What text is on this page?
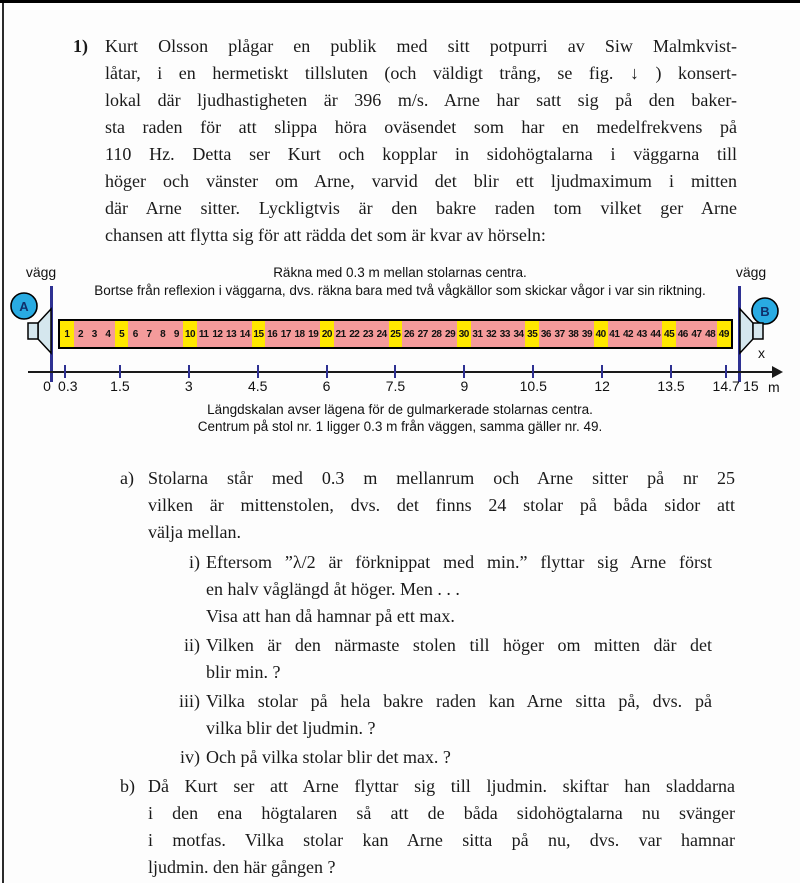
1) Kurt Olsson plågar en publik med sitt potpurri av Siw Malmkvist-
låtar, i en hermetiskt tillsluten (och väldigt trång, se fig. ↓ ) konsert-
lokal där ljudhastigheten är 396 m/s. Arne har satt sig på den baker-
sta raden för att slippa höra oväsendet som har en medelfrekvens på
110 Hz. Detta ser Kurt och kopplar in sidohögtalarna i väggarna till
höger och vänster om Arne, varvid det blir ett ljudmaximum i mitten
där Arne sitter. Lyckligtvis är den bakre raden tom vilket ger Arne
chansen att flytta sig för att rädda det som är kvar av hörseln:
vägg	vägg
Räkna med 0.3 m mellan stolarnas centra.
Bortse från reflexion i väggarna, dvs. räkna bara med två vågkällor som skickar vågor i var sin riktning.
A	B
1 2 3 4 5 6 7 8 9 10 11 12 13 14 15 16 17 18 19 20 21 22 23 24 25 26 27 28 29 30 31 32 33 34 35 36 37 38 39 40 41 42 43 44 45 46 47 48 49
0 0.3 1.5	3	4.5	6	7.5	9	10.5	12	13.5 14.7 15
x
m
Längdskalan avser lägena för de gulmarkerade stolarnas centra.
Centrum på stol nr. 1 ligger 0.3 m från väggen, samma gäller nr. 49.
a) Stolarna står med 0.3 m mellanrum och Arne sitter på nr 25
vilken är mittenstolen, dvs. det finns 24 stolar på båda sidor att
välja mellan.
i) Eftersom ”λ/2 är förknippat med min.” flyttar sig Arne först
en halv våglängd åt höger. Men . . .
Visa att han då hamnar på ett max.
ii) Vilken är den närmaste stolen till höger om mitten där det
blir min. ?
iii) Vilka stolar på hela bakre raden kan Arne sitta på, dvs. på
vilka blir det ljudmin. ?
iv) Och på vilka stolar blir det max. ?
b) Då Kurt ser att Arne flyttar sig till ljudmin. skiftar han sladdarna
i den ena högtalaren så att de båda sidohögtalarna nu svänger
i motfas. Vilka stolar kan Arne sitta på nu, dvs. var hamnar
ljudmin. den här gången ?
